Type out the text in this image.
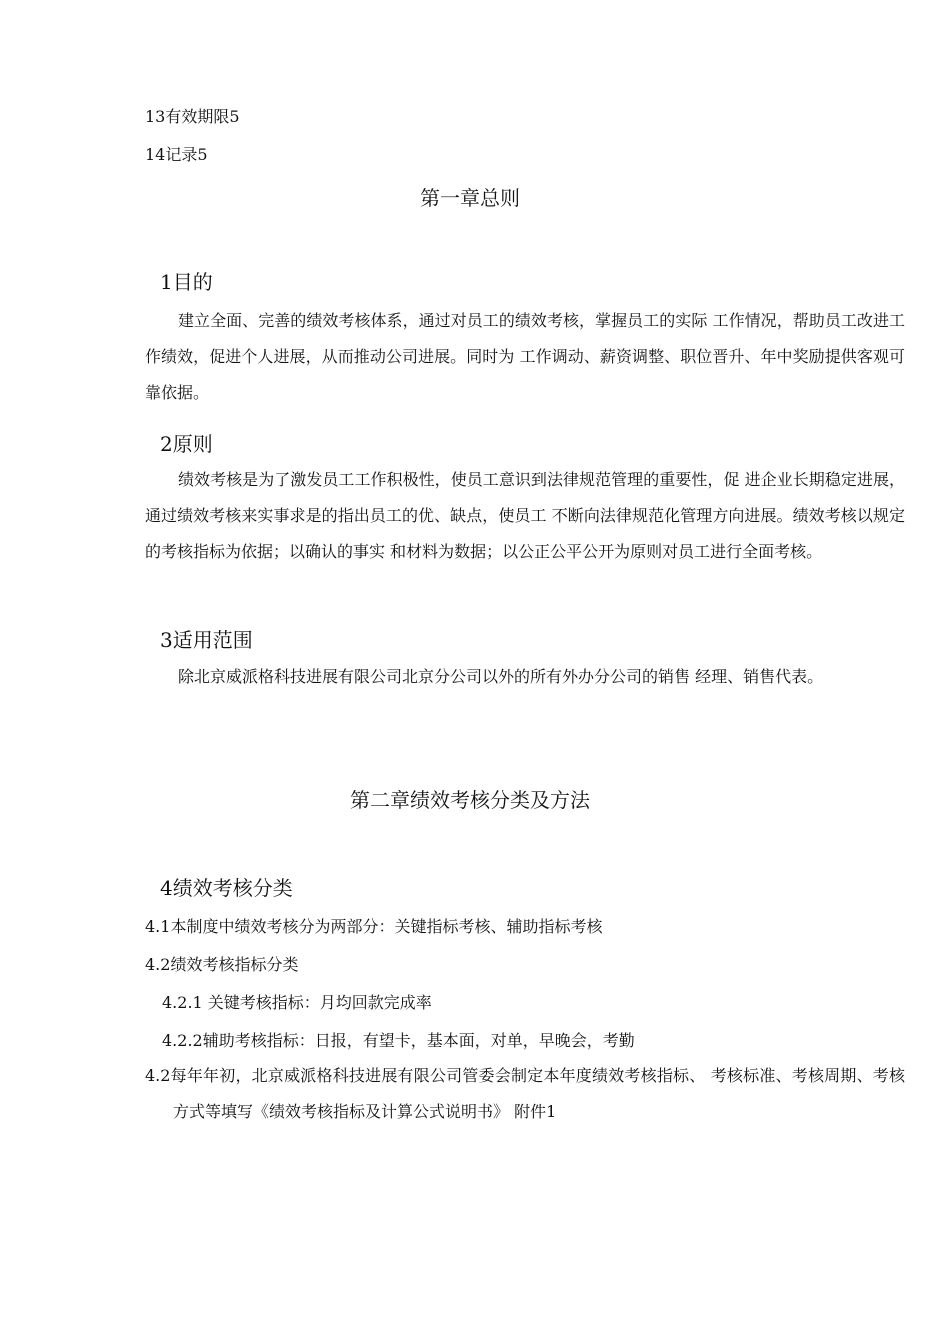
13有效期限5
14记录5
第一章总则
1目的
建立全面、完善的绩效考核体系，通过对员工的绩效考核，掌握员工的实际 工作情况，帮助员工改进工作绩效，促进个人进展，从而推动公司进展。同时为 工作调动、薪资调整、职位晋升、年中奖励提供客观可靠依据。
2原则
绩效考核是为了激发员工工作积极性，使员工意识到法律规范管理的重要性，促 进企业长期稳定进展，通过绩效考核来实事求是的指出员工的优、缺点，使员工 不断向法律规范化管理方向进展。绩效考核以规定的考核指标为依据；以确认的事实 和材料为数据；以公正公平公开为原则对员工进行全面考核。
3适用范围
除北京威派格科技进展有限公司北京分公司以外的所有外办分公司的销售 经理、销售代表。
第二章绩效考核分类及方法
4绩效考核分类
4.1本制度中绩效考核分为两部分：关键指标考核、辅助指标考核
4.2绩效考核指标分类
4.2.1 关键考核指标：月均回款完成率
4.2.2辅助考核指标：日报，有望卡，基本面，对单，早晚会，考勤
4.2每年年初，北京威派格科技进展有限公司管委会制定本年度绩效考核指标、 考核标准、考核周期、考核方式等填写《绩效考核指标及计算公式说明书》 附件1
